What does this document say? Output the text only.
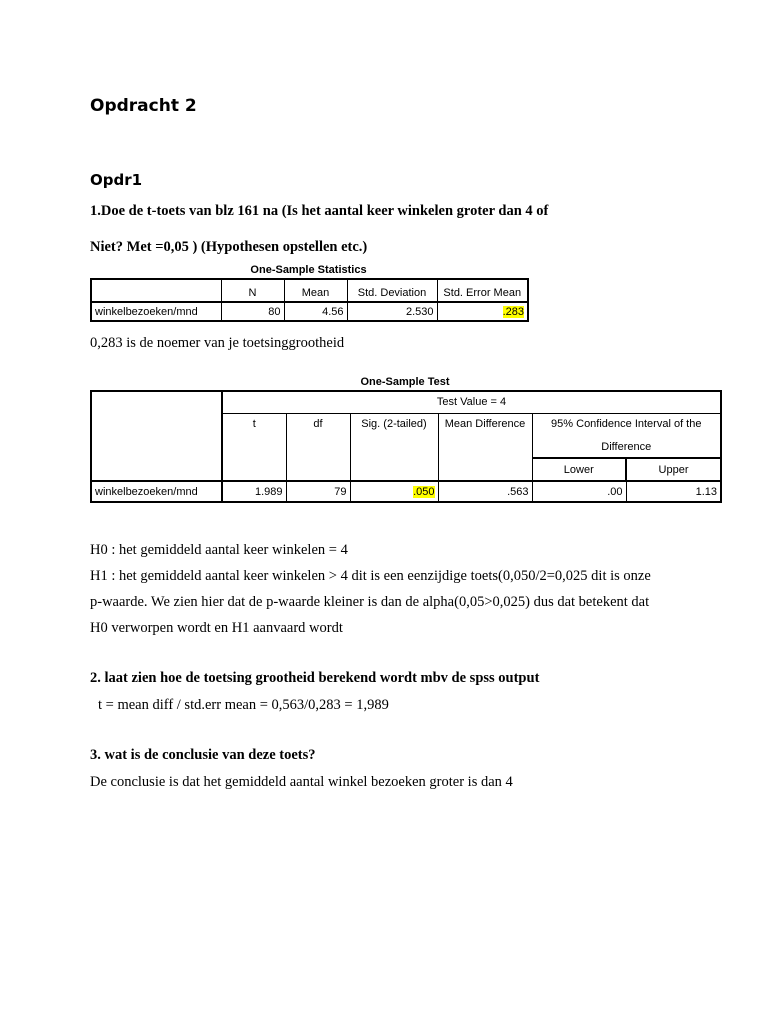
Opdracht 2
Opdr1

1.Doe de t-toets van blz 161 na (Is het aantal keer winkelen groter dan 4 of

Niet? Met =0,05 ) (Hypothesen opstellen etc.)

One-Sample Statistics
	N	Mean	Std. Deviation	Std. Error Mean
winkelbezoeken/mnd	80	4.56	2.530	.283

0,283 is de noemer van je toetsinggrootheid

One-Sample Test
	Test Value = 4					
	t	df	Sig. (2-tailed)	Mean Difference	95% Confidence Interval of the	
					Difference	
					Lower	Upper
winkelbezoeken/mnd	1.989	79	.050	.563	.00	1.13

H0 : het gemiddeld aantal keer winkelen = 4

H1 : het gemiddeld aantal keer winkelen > 4 dit is een eenzijdige toets(0,050/2=0,025 dit is onze

p-waarde. We zien hier dat de p-waarde kleiner is dan de alpha(0,05>0,025) dus dat betekent dat

H0 verworpen wordt en H1 aanvaard wordt

2. laat zien hoe de toetsing grootheid berekend wordt mbv de spss output

t = mean diff / std.err mean = 0,563/0,283 = 1,989

3. wat is de conclusie van deze toets?

De conclusie is dat het gemiddeld aantal winkel bezoeken groter is dan 4
